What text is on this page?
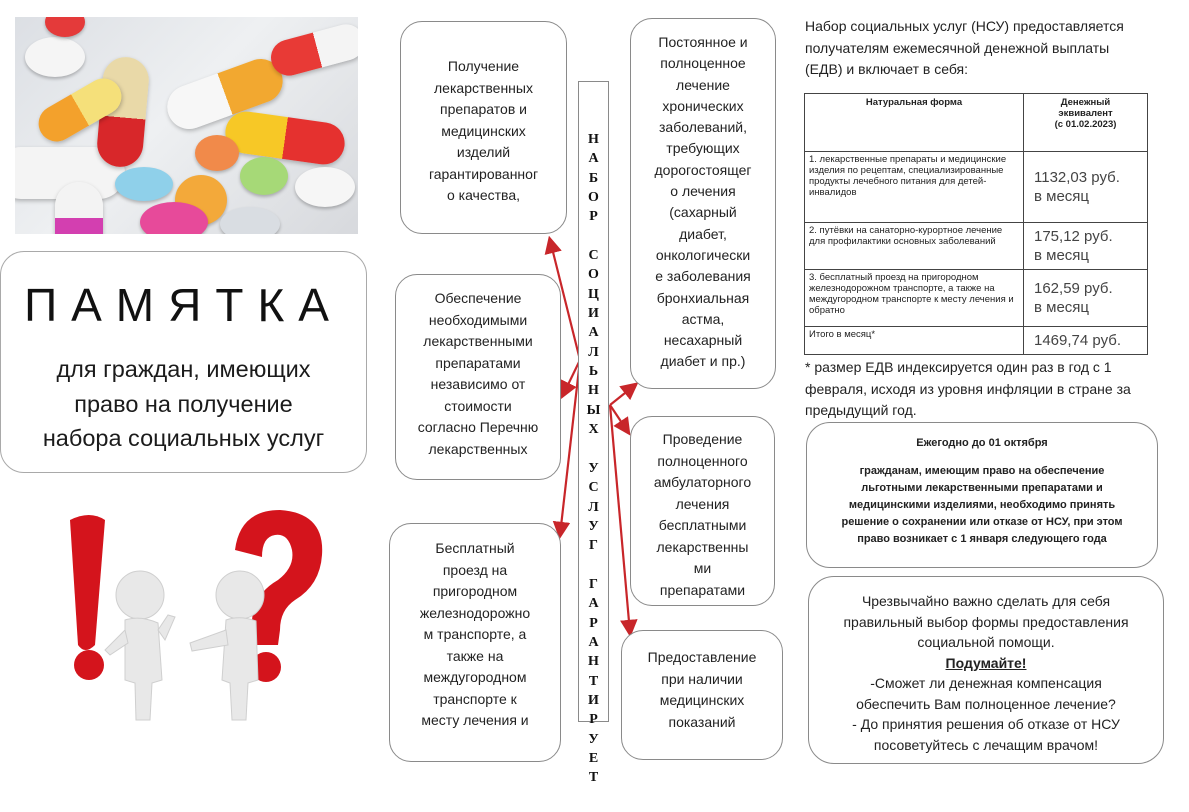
ПАМЯТКА
для граждан, имеющих
право на получение
набора социальных услуг
Получение
лекарственных
препаратов и
медицинских
изделий
гарантированног
о качества,
Обеспечение
необходимыми
лекарственными
препаратами
независимо от
стоимости
согласно Перечню
лекарственных
Бесплатный
проезд на
пригородном
железнодорожно
м транспорте, а
также на
междугородном
транспорте к
месту лечения и
Н
А
Б
О
Р
С
О
Ц
И
А
Л
Ь
Н
Ы
Х
У
С
Л
У
Г
Г
А
Р
А
Н
Т
И
Р
У
Е
Т
Постоянное и
полноценное
лечение
хронических
заболеваний,
требующих
дорогостоящег
о лечения
(сахарный
диабет,
онкологически
е заболевания
бронхиальная
астма,
несахарный
диабет и пр.)
Проведение
полноценного
амбулаторного
лечения
бесплатными
лекарственны
ми
препаратами
Предоставление
при наличии
медицинских
показаний
Набор социальных услуг (НСУ) предоставляется
получателям ежемесячной денежной выплаты
(ЕДВ) и включает в себя:
Натуральная форма	Денежный
эквивалент
(с 01.02.2023)

1. лекарственные препараты и медицинские изделия по рецептам, специализированные продукты лечебного питания для детей-инвалидов	1132,03 руб.
в месяц

2. путёвки на санаторно-курортное лечение для профилактики основных заболеваний	175,12 руб.
в месяц

3. бесплатный проезд на пригородном железнодорожном транспорте, а также на междугородном транспорте к месту лечения и обратно	162,59 руб.
в месяц

Итого в месяц*	1469,74 руб.
* размер ЕДВ индексируется один раз в год с 1
февраля, исходя из уровня инфляции в стране за
предыдущий год.
Ежегодно до 01 октября
гражданам, имеющим право на обеспечение
льготными лекарственными препаратами и
медицинскими изделиями, необходимо принять
решение о сохранении или отказе от НСУ, при этом
право возникает с 1 января следующего года
Чрезвычайно важно сделать для себя
правильный выбор формы предоставления
социальной помощи.
Подумайте!
-Сможет ли денежная компенсация
обеспечить Вам полноценное лечение?
- До принятия решения об отказе от НСУ
посоветуйтесь с лечащим врачом!
